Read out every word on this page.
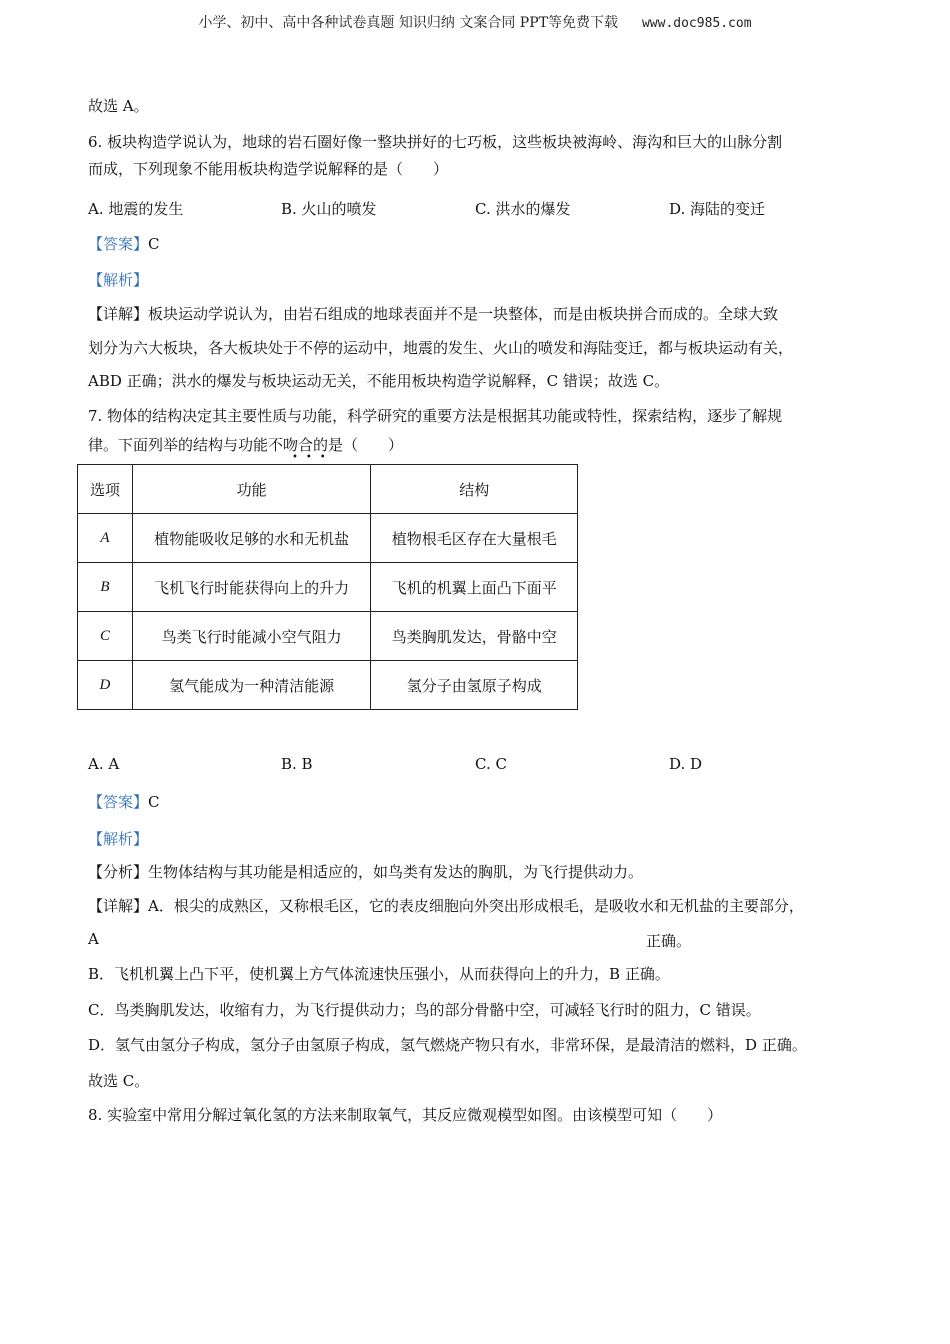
小学、初中、高中各种试卷真题 知识归纳 文案合同 PPT等免费下载 www.doc985.com
故选 A。
6. 板块构造学说认为，地球的岩石圈好像一整块拼好的七巧板，这些板块被海岭、海沟和巨大的山脉分割
而成，下列现象不能用板块构造学说解释的是（　　）
A. 地震的发生	B. 火山的喷发	C. 洪水的爆发	D. 海陆的变迁
【答案】C
【解析】
【详解】板块运动学说认为，由岩石组成的地球表面并不是一块整体，而是由板块拼合而成的。全球大致
划分为六大板块，各大板块处于不停的运动中，地震的发生、火山的喷发和海陆变迁，都与板块运动有关，
ABD 正确；洪水的爆发与板块运动无关，不能用板块构造学说解释，C 错误；故选 C。
7. 物体的结构决定其主要性质与功能，科学研究的重要方法是根据其功能或特性，探索结构，逐步了解规
律。下面列举的结构与功能不吻合的是（　　）
•••
选项	功能	结构
A	植物能吸收足够的水和无机盐	植物根毛区存在大量根毛
B	飞机飞行时能获得向上的升力	飞机的机翼上面凸下面平
C	鸟类飞行时能减小空气阻力	鸟类胸肌发达，骨骼中空
D	氢气能成为一种清洁能源	氢分子由氢原子构成
A. A	B. B	C. C	D. D
【答案】C
【解析】
【分析】生物体结构与其功能是相适应的，如鸟类有发达的胸肌，为飞行提供动力。
【详解】A．根尖的成熟区，又称根毛区，它的表皮细胞向外突出形成根毛，是吸收水和无机盐的主要部分，
A	正确。
B．飞机机翼上凸下平，使机翼上方气体流速快压强小，从而获得向上的升力，B 正确。
C．鸟类胸肌发达，收缩有力，为飞行提供动力；鸟的部分骨骼中空，可减轻飞行时的阻力，C 错误。
D．氢气由氢分子构成，氢分子由氢原子构成，氢气燃烧产物只有水，非常环保，是最清洁的燃料，D 正确。
故选 C。
8. 实验室中常用分解过氧化氢的方法来制取氧气，其反应微观模型如图。由该模型可知（　　）
